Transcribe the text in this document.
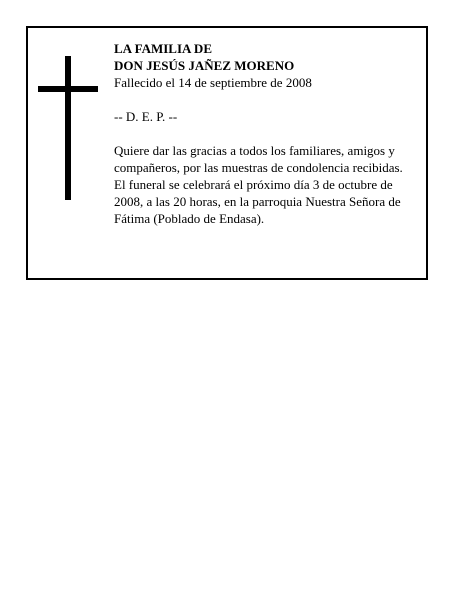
LA FAMILIA DE
DON JESÚS JAÑEZ MORENO
Fallecido el 14 de septiembre de 2008
-- D. E. P. --
Quiere dar las gracias a todos los familiares, amigos y compañeros, por las muestras de condolencia recibidas. El funeral se celebrará el próximo día 3 de octubre de 2008, a las 20 horas, en la parroquia Nuestra Señora de Fátima (Poblado de Endasa).
